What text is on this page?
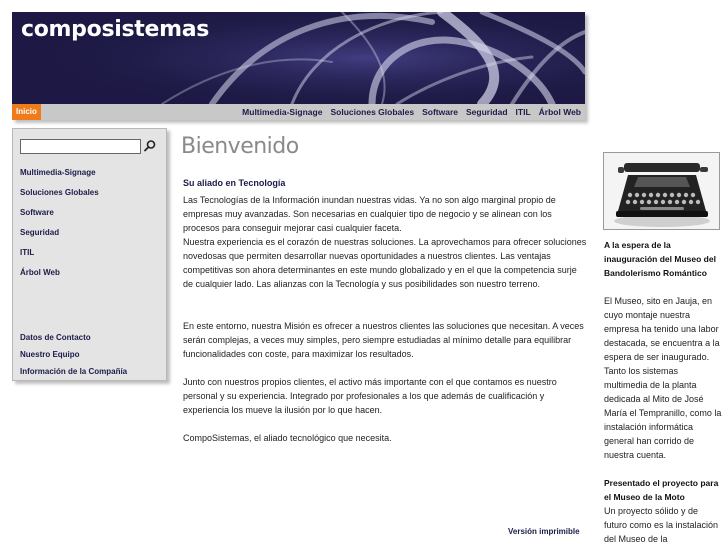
composistemas
Inicio	Multimedia-Signage Soluciones Globales Software Seguridad ITIL Árbol Web
Multimedia-Signage
Soluciones Globales
Software
Seguridad
ITIL
Árbol Web
Datos de Contacto
Nuestro Equipo
Información de la Compañía
Bienvenido
Su aliado en Tecnología
Las Tecnologías de la Información inundan nuestras vidas. Ya no son algo marginal propio de empresas muy avanzadas. Son necesarias en cualquier tipo de negocio y se alinean con los procesos para conseguir mejorar casi cualquier faceta.
Nuestra experiencia es el corazón de nuestras soluciones. La aprovechamos para ofrecer soluciones novedosas que permiten desarrollar nuevas oportunidades a nuestros clientes. Las ventajas competitivas son ahora determinantes en este mundo globalizado y en el que la competencia surje de cualquier lado. Las alianzas con la Tecnología y sus posibilidades son nuestro terreno.
En este entorno, nuestra Misión es ofrecer a nuestros clientes las soluciones que necesitan. A veces serán complejas, a veces muy simples, pero siempre estudiadas al mínimo detalle para equilibrar funcionalidades con coste, para maximizar los resultados.
Junto con nuestros propios clientes, el activo más importante con el que contamos es nuestro personal y su experiencia. Integrado por profesionales a los que además de cualificación y experiencia los mueve la ilusión por lo que hacen.
CompoSistemas, el aliado tecnológico que necesita.
Versión imprimible
A la espera de la inauguración del Museo del Bandolerismo Romántico
El Museo, sito en Jauja, en cuyo montaje nuestra empresa ha tenido una labor destacada, se encuentra a la espera de ser inaugurado. Tanto los sistemas multimedia de la planta dedicada al Mito de José María el Tempranillo, como la instalación informática general han corrido de nuestra cuenta.
Presentado el proyecto para el Museo de la Moto
Un proyecto sólido y de futuro como es la instalación del Museo de la
